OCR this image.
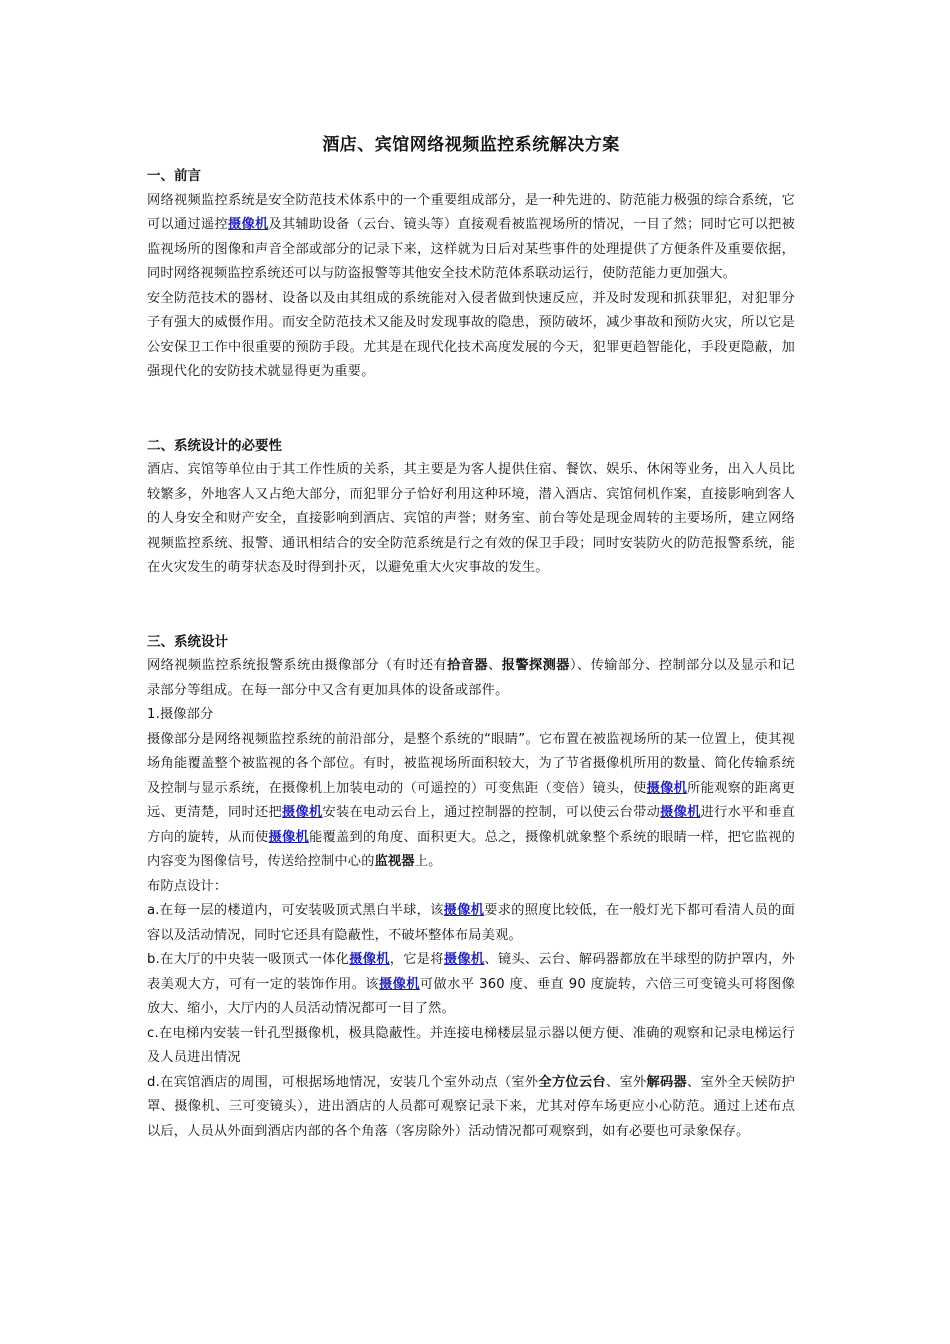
酒店、宾馆网络视频监控系统解决方案

一、前言

网络视频监控系统是安全防范技术体系中的一个重要组成部分，是一种先进的、防范能力极强的综合系统，它可以通过遥控摄像机及其辅助设备（云台、镜头等）直接观看被监视场所的情况，一目了然；同时它可以把被监视场所的图像和声音全部或部分的记录下来，这样就为日后对某些事件的处理提供了方便条件及重要依据，同时网络视频监控系统还可以与防盗报警等其他安全技术防范体系联动运行，使防范能力更加强大。

安全防范技术的器材、设备以及由其组成的系统能对入侵者做到快速反应，并及时发现和抓获罪犯，对犯罪分子有强大的威慑作用。而安全防范技术又能及时发现事故的隐患，预防破坏，减少事故和预防火灾，所以它是公安保卫工作中很重要的预防手段。尤其是在现代化技术高度发展的今天，犯罪更趋智能化，手段更隐蔽，加强现代化的安防技术就显得更为重要。

二、系统设计的必要性

酒店、宾馆等单位由于其工作性质的关系，其主要是为客人提供住宿、餐饮、娱乐、休闲等业务，出入人员比较繁多，外地客人又占绝大部分，而犯罪分子恰好利用这种环境，潜入酒店、宾馆伺机作案，直接影响到客人的人身安全和财产安全，直接影响到酒店、宾馆的声誉；财务室、前台等处是现金周转的主要场所，建立网络视频监控系统、报警、通讯相结合的安全防范系统是行之有效的保卫手段；同时安装防火的防范报警系统，能在火灾发生的萌芽状态及时得到扑灭，以避免重大火灾事故的发生。

三、系统设计

网络视频监控系统报警系统由摄像部分（有时还有拾音器、报警探测器）、传输部分、控制部分以及显示和记录部分等组成。在每一部分中又含有更加具体的设备或部件。

1.摄像部分

摄像部分是网络视频监控系统的前沿部分，是整个系统的“眼睛”。它布置在被监视场所的某一位置上，使其视场角能覆盖整个被监视的各个部位。有时，被监视场所面积较大，为了节省摄像机所用的数量、简化传输系统及控制与显示系统，在摄像机上加装电动的（可遥控的）可变焦距（变倍）镜头，使摄像机所能观察的距离更远、更清楚，同时还把摄像机安装在电动云台上，通过控制器的控制，可以使云台带动摄像机进行水平和垂直方向的旋转，从而使摄像机能覆盖到的角度、面积更大。总之，摄像机就象整个系统的眼睛一样，把它监视的内容变为图像信号，传送给控制中心的监视器上。

布防点设计：

a.在每一层的楼道内，可安装吸顶式黑白半球，该摄像机要求的照度比较低，在一般灯光下都可看清人员的面容以及活动情况，同时它还具有隐蔽性，不破坏整体布局美观。

b.在大厅的中央装一吸顶式一体化摄像机，它是将摄像机、镜头、云台、解码器都放在半球型的防护罩内，外表美观大方，可有一定的装饰作用。该摄像机可做水平 360 度、垂直 90 度旋转，六倍三可变镜头可将图像放大、缩小，大厅内的人员活动情况都可一目了然。

c.在电梯内安装一针孔型摄像机，极具隐蔽性。并连接电梯楼层显示器以便方便、准确的观察和记录电梯运行及人员进出情况

d.在宾馆酒店的周围，可根据场地情况，安装几个室外动点（室外全方位云台、室外解码器、室外全天候防护罩、摄像机、三可变镜头），进出酒店的人员都可观察记录下来，尤其对停车场更应小心防范。通过上述布点以后，人员从外面到酒店内部的各个角落（客房除外）活动情况都可观察到，如有必要也可录象保存。
